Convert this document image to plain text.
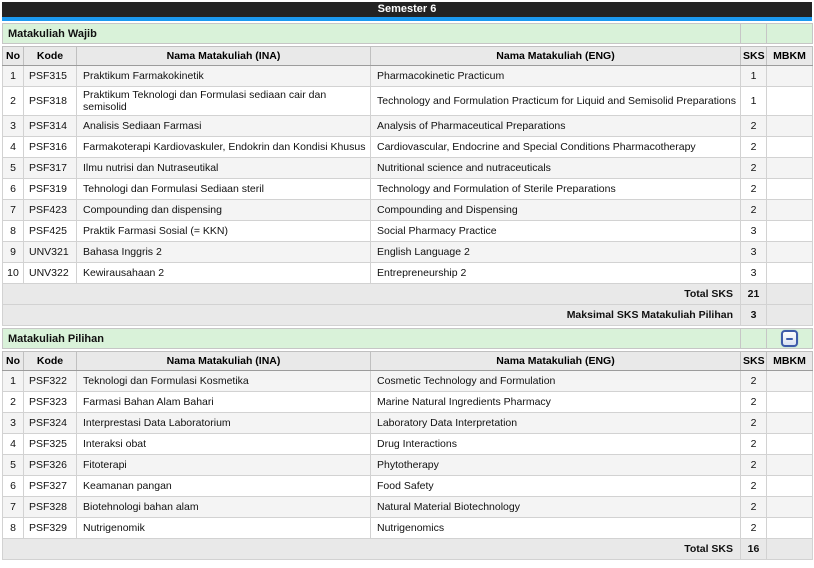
Semester 6
Matakuliah Wajib		
No	Kode	Nama Matakuliah (INA)	Nama Matakuliah (ENG)	SKS	MBKM
1	PSF315	Praktikum Farmakokinetik	Pharmacokinetic Practicum	1	
2	PSF318	Praktikum Teknologi dan Formulasi sediaan cair dan semisolid	Technology and Formulation Practicum for Liquid and Semisolid Preparations	1	
3	PSF314	Analisis Sediaan Farmasi	Analysis of Pharmaceutical Preparations	2	
4	PSF316	Farmakoterapi Kardiovaskuler, Endokrin dan Kondisi Khusus	Cardiovascular, Endocrine and Special Conditions Pharmacotherapy	2	
5	PSF317	Ilmu nutrisi dan Nutraseutikal	Nutritional science and nutraceuticals	2	
6	PSF319	Tehnologi dan Formulasi Sediaan steril	Technology and Formulation of Sterile Preparations	2	
7	PSF423	Compounding dan dispensing	Compounding and Dispensing	2	
8	PSF425	Praktik Farmasi Sosial (= KKN)	Social Pharmacy Practice	3	
9	UNV321	Bahasa Inggris 2	English Language 2	3	
10	UNV322	Kewirausahaan 2	Entrepreneurship 2	3	
Total SKS				21	
Maksimal SKS Matakuliah Pilihan				3	
Matakuliah Pilihan		
No	Kode	Nama Matakuliah (INA)	Nama Matakuliah (ENG)	SKS	MBKM
1	PSF322	Teknologi dan Formulasi Kosmetika	Cosmetic Technology and Formulation	2	
2	PSF323	Farmasi Bahan Alam Bahari	Marine Natural Ingredients Pharmacy	2	
3	PSF324	Interprestasi Data Laboratorium	Laboratory Data Interpretation	2	
4	PSF325	Interaksi obat	Drug Interactions	2	
5	PSF326	Fitoterapi	Phytotherapy	2	
6	PSF327	Keamanan pangan	Food Safety	2	
7	PSF328	Biotehnologi bahan alam	Natural Material Biotechnology	2	
8	PSF329	Nutrigenomik	Nutrigenomics	2	
Total SKS				16	
